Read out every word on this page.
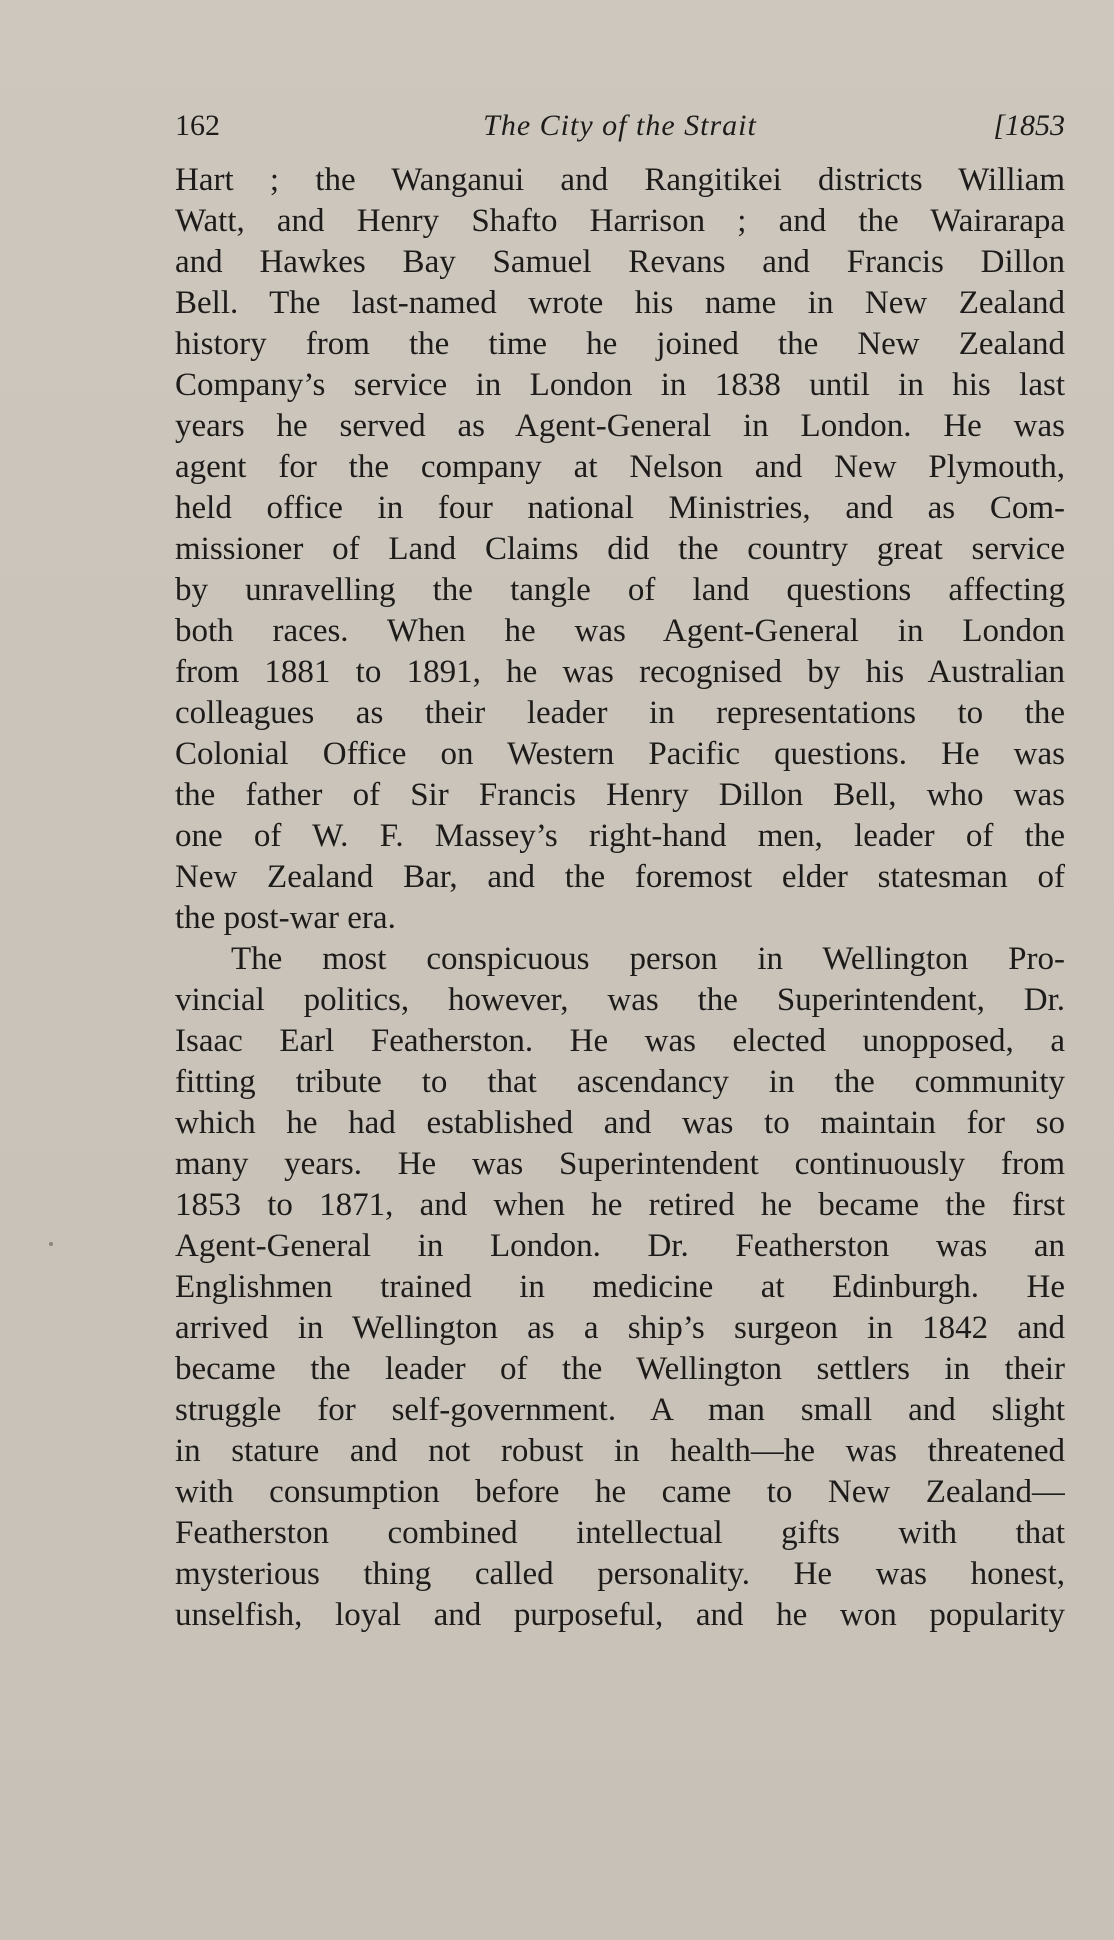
162	The City of the Strait	[1853
Hart ; the Wanganui and Rangitikei districts William
Watt, and Henry Shafto Harrison ; and the Wairarapa
and Hawkes Bay Samuel Revans and Francis Dillon
Bell. The last-named wrote his name in New Zealand
history from the time he joined the New Zealand
Company’s service in London in 1838 until in his last
years he served as Agent-General in London. He was
agent for the company at Nelson and New Plymouth,
held office in four national Ministries, and as Com-
missioner of Land Claims did the country great service
by unravelling the tangle of land questions affecting
both races. When he was Agent-General in London
from 1881 to 1891, he was recognised by his Australian
colleagues as their leader in representations to the
Colonial Office on Western Pacific questions. He was
the father of Sir Francis Henry Dillon Bell, who was
one of W. F. Massey’s right-hand men, leader of the
New Zealand Bar, and the foremost elder statesman of
the post-war era.
The most conspicuous person in Wellington Pro-
vincial politics, however, was the Superintendent, Dr.
Isaac Earl Featherston. He was elected unopposed, a
fitting tribute to that ascendancy in the community
which he had established and was to maintain for so
many years. He was Superintendent continuously from
1853 to 1871, and when he retired he became the first
Agent-General in London. Dr. Featherston was an
Englishmen trained in medicine at Edinburgh. He
arrived in Wellington as a ship’s surgeon in 1842 and
became the leader of the Wellington settlers in their
struggle for self-government. A man small and slight
in stature and not robust in health—he was threatened
with consumption before he came to New Zealand—
Featherston combined intellectual gifts with that
mysterious thing called personality. He was honest,
unselfish, loyal and purposeful, and he won popularity
